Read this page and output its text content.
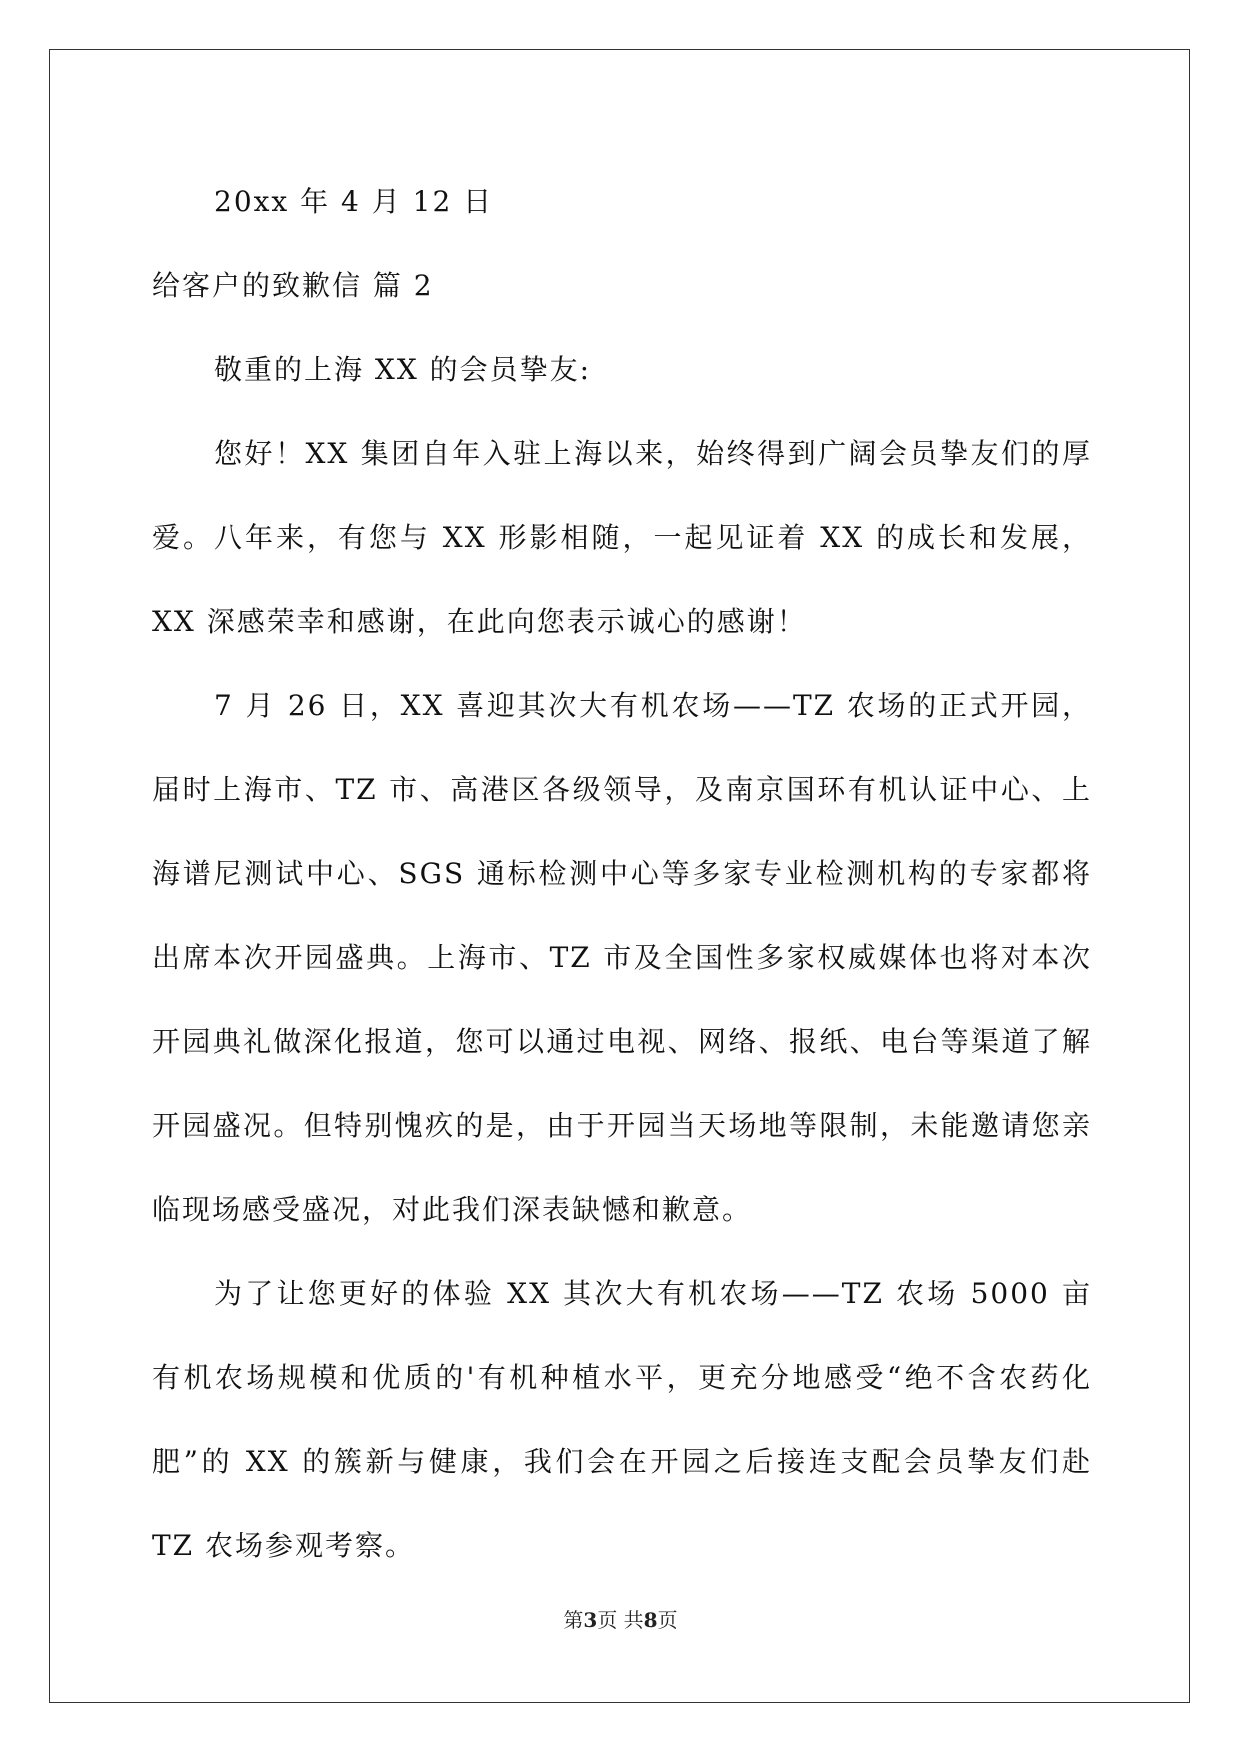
20xx 年 4 月 12 日
给客户的致歉信 篇 2
敬重的上海 XX 的会员挚友:

您好！XX 集团自年入驻上海以来，始终得到广阔会员挚友们的厚爱。八年来，有您与 XX 形影相随，一起见证着 XX 的成长和发展，XX 深感荣幸和感谢，在此向您表示诚心的感谢！

7 月 26 日，XX 喜迎其次大有机农场——TZ 农场的正式开园，届时上海市、TZ 市、高港区各级领导，及南京国环有机认证中心、上海谱尼测试中心、SGS 通标检测中心等多家专业检测机构的专家都将出席本次开园盛典。上海市、TZ 市及全国性多家权威媒体也将对本次开园典礼做深化报道，您可以通过电视、网络、报纸、电台等渠道了解开园盛况。但特别愧疚的是，由于开园当天场地等限制，未能邀请您亲临现场感受盛况，对此我们深表缺憾和歉意。

为了让您更好的体验 XX 其次大有机农场——TZ 农场 5000 亩有机农场规模和优质的'有机种植水平，更充分地感受“绝不含农药化肥”的 XX 的簇新与健康，我们会在开园之后接连支配会员挚友们赴 TZ 农场参观考察。

第3页 共8页
